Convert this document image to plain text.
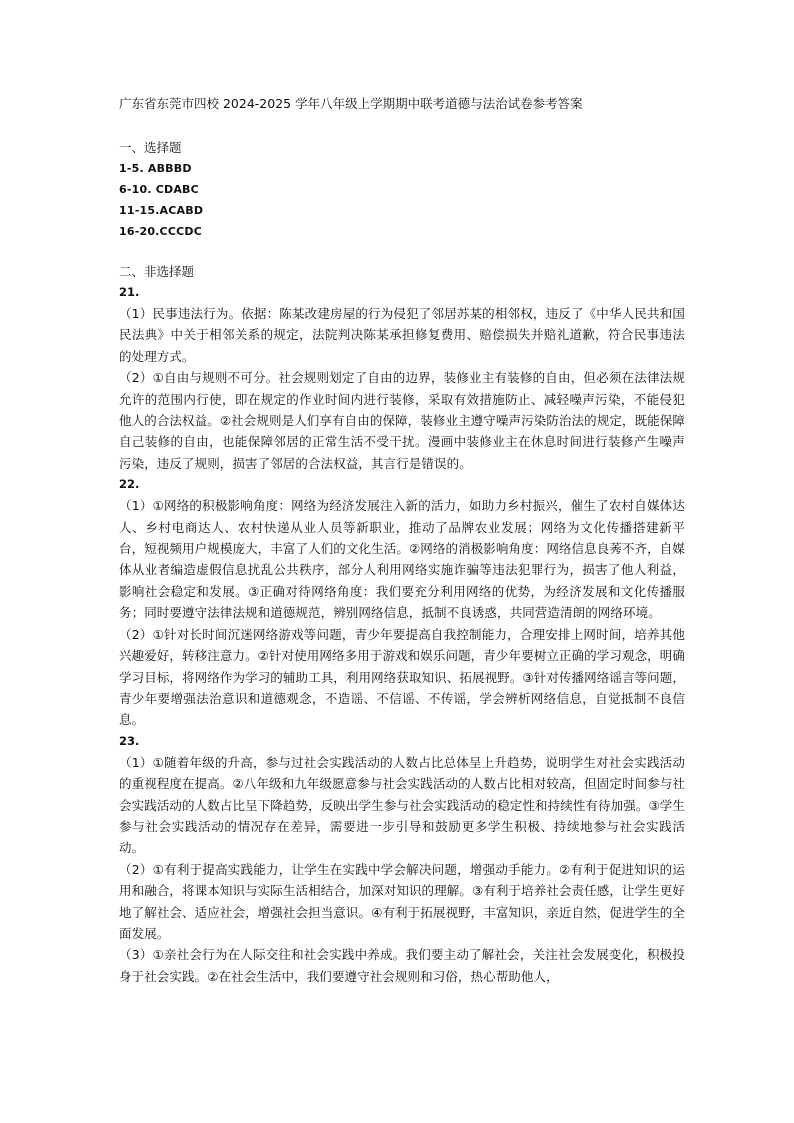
广东省东莞市四校 2024-2025 学年八年级上学期期中联考道德与法治试卷参考答案

一、选择题

1-5. ABBBD

6-10. CDABC

11-15.ACABD

16-20.CCCDC

二、非选择题

21.

（1）民事违法行为。依据：陈某改建房屋的行为侵犯了邻居苏某的相邻权，违反了《中华人民共和国民法典》中关于相邻关系的规定，法院判决陈某承担修复费用、赔偿损失并赔礼道歉，符合民事违法的处理方式。

（2）①自由与规则不可分。社会规则划定了自由的边界，装修业主有装修的自由，但必须在法律法规允许的范围内行使，即在规定的作业时间内进行装修，采取有效措施防止、减轻噪声污染，不能侵犯他人的合法权益。②社会规则是人们享有自由的保障，装修业主遵守噪声污染防治法的规定，既能保障自己装修的自由，也能保障邻居的正常生活不受干扰。漫画中装修业主在休息时间进行装修产生噪声污染，违反了规则，损害了邻居的合法权益，其言行是错误的。

22.

（1）①网络的积极影响角度：网络为经济发展注入新的活力，如助力乡村振兴，催生了农村自媒体达人、乡村电商达人、农村快递从业人员等新职业，推动了品牌农业发展；网络为文化传播搭建新平台，短视频用户规模庞大，丰富了人们的文化生活。②网络的消极影响角度：网络信息良莠不齐，自媒体从业者编造虚假信息扰乱公共秩序，部分人利用网络实施诈骗等违法犯罪行为，损害了他人利益，影响社会稳定和发展。③正确对待网络角度：我们要充分利用网络的优势，为经济发展和文化传播服务；同时要遵守法律法规和道德规范，辨别网络信息，抵制不良诱惑，共同营造清朗的网络环境。

（2）①针对长时间沉迷网络游戏等问题，青少年要提高自我控制能力，合理安排上网时间，培养其他兴趣爱好，转移注意力。②针对使用网络多用于游戏和娱乐问题，青少年要树立正确的学习观念，明确学习目标，将网络作为学习的辅助工具，利用网络获取知识、拓展视野。③针对传播网络谣言等问题，青少年要增强法治意识和道德观念，不造谣、不信谣、不传谣，学会辨析网络信息，自觉抵制不良信息。

23.

（1）①随着年级的升高，参与过社会实践活动的人数占比总体呈上升趋势，说明学生对社会实践活动的重视程度在提高。②八年级和九年级愿意参与社会实践活动的人数占比相对较高，但固定时间参与社会实践活动的人数占比呈下降趋势，反映出学生参与社会实践活动的稳定性和持续性有待加强。③学生参与社会实践活动的情况存在差异，需要进一步引导和鼓励更多学生积极、持续地参与社会实践活动。

（2）①有利于提高实践能力，让学生在实践中学会解决问题，增强动手能力。②有利于促进知识的运用和融合，将课本知识与实际生活相结合，加深对知识的理解。③有利于培养社会责任感，让学生更好地了解社会、适应社会，增强社会担当意识。④有利于拓展视野，丰富知识，亲近自然，促进学生的全面发展。

（3）①亲社会行为在人际交往和社会实践中养成。我们要主动了解社会，关注社会发展变化，积极投身于社会实践。②在社会生活中，我们要遵守社会规则和习俗，热心帮助他人，
